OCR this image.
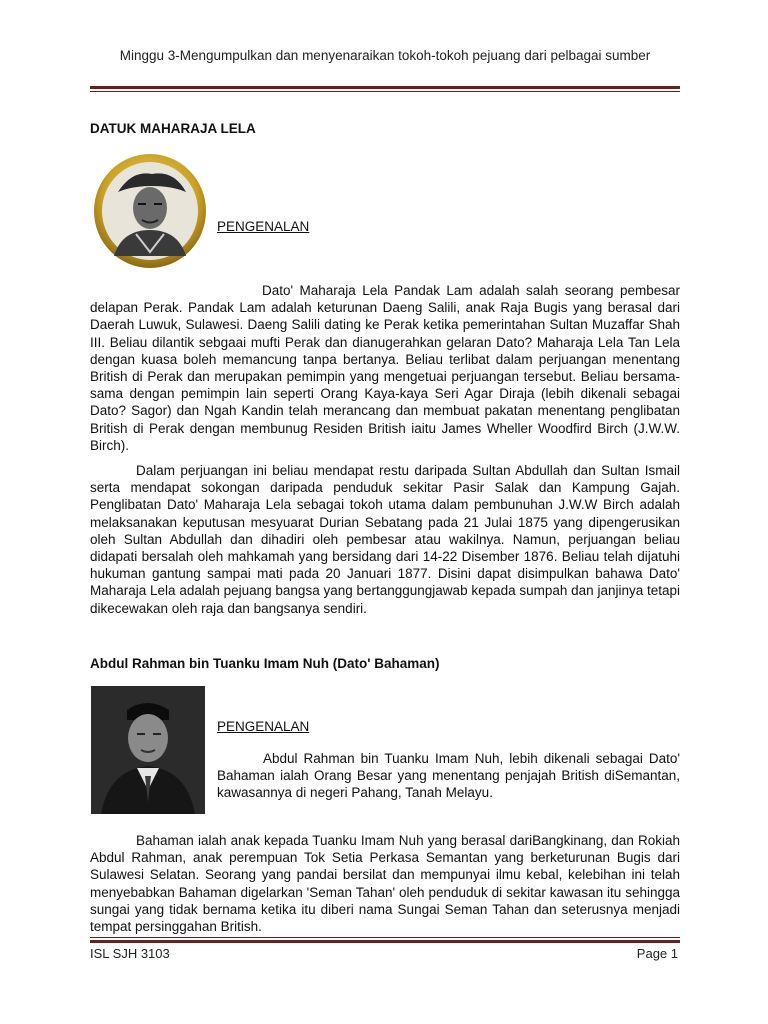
Minggu 3-Mengumpulkan dan menyenaraikan tokoh-tokoh pejuang dari pelbagai sumber
DATUK MAHARAJA LELA
PENGENALAN

Dato' Maharaja Lela Pandak Lam adalah salah seorang pembesar delapan Perak. Pandak Lam adalah keturunan Daeng Salili, anak Raja Bugis yang berasal dari Daerah Luwuk, Sulawesi. Daeng Salili dating ke Perak ketika pemerintahan Sultan Muzaffar Shah III. Beliau dilantik sebgaai mufti Perak dan dianugerahkan gelaran Dato? Maharaja Lela Tan Lela dengan kuasa boleh memancung tanpa bertanya. Beliau terlibat dalam perjuangan menentang British di Perak dan merupakan pemimpin yang mengetuai perjuangan tersebut. Beliau bersama-sama dengan pemimpin lain seperti Orang Kaya-kaya Seri Agar Diraja (lebih dikenali sebagai Dato? Sagor) dan Ngah Kandin telah merancang dan membuat pakatan menentang penglibatan British di Perak dengan membunug Residen British iaitu James Wheller Woodfird Birch (J.W.W. Birch).

Dalam perjuangan ini beliau mendapat restu daripada Sultan Abdullah dan Sultan Ismail serta mendapat sokongan daripada penduduk sekitar Pasir Salak dan Kampung Gajah. Penglibatan Dato' Maharaja Lela sebagai tokoh utama dalam pembunuhan J.W.W Birch adalah melaksanakan keputusan mesyuarat Durian Sebatang pada 21 Julai 1875 yang dipengerusikan oleh Sultan Abdullah dan dihadiri oleh pembesar atau wakilnya. Namun, perjuangan beliau didapati bersalah oleh mahkamah yang bersidang dari 14-22 Disember 1876. Beliau telah dijatuhi hukuman gantung sampai mati pada 20 Januari 1877. Disini dapat disimpulkan bahawa Dato' Maharaja Lela adalah pejuang bangsa yang bertanggungjawab kepada sumpah dan janjinya tetapi dikecewakan oleh raja dan bangsanya sendiri.

Abdul Rahman bin Tuanku Imam Nuh (Dato' Bahaman)
PENGENALAN

Abdul Rahman bin Tuanku Imam Nuh, lebih dikenali sebagai Dato' Bahaman ialah Orang Besar yang menentang penjajah British diSemantan, kawasannya di negeri Pahang, Tanah Melayu.

Bahaman ialah anak kepada Tuanku Imam Nuh yang berasal dariBangkinang, dan Rokiah Abdul Rahman, anak perempuan Tok Setia Perkasa Semantan yang berketurunan Bugis dari Sulawesi Selatan. Seorang yang pandai bersilat dan mempunyai ilmu kebal, kelebihan ini telah menyebabkan Bahaman digelarkan 'Seman Tahan' oleh penduduk di sekitar kawasan itu sehingga sungai yang tidak bernama ketika itu diberi nama Sungai Seman Tahan dan seterusnya menjadi tempat persinggahan British.

ISL SJH 3103	Page 1
